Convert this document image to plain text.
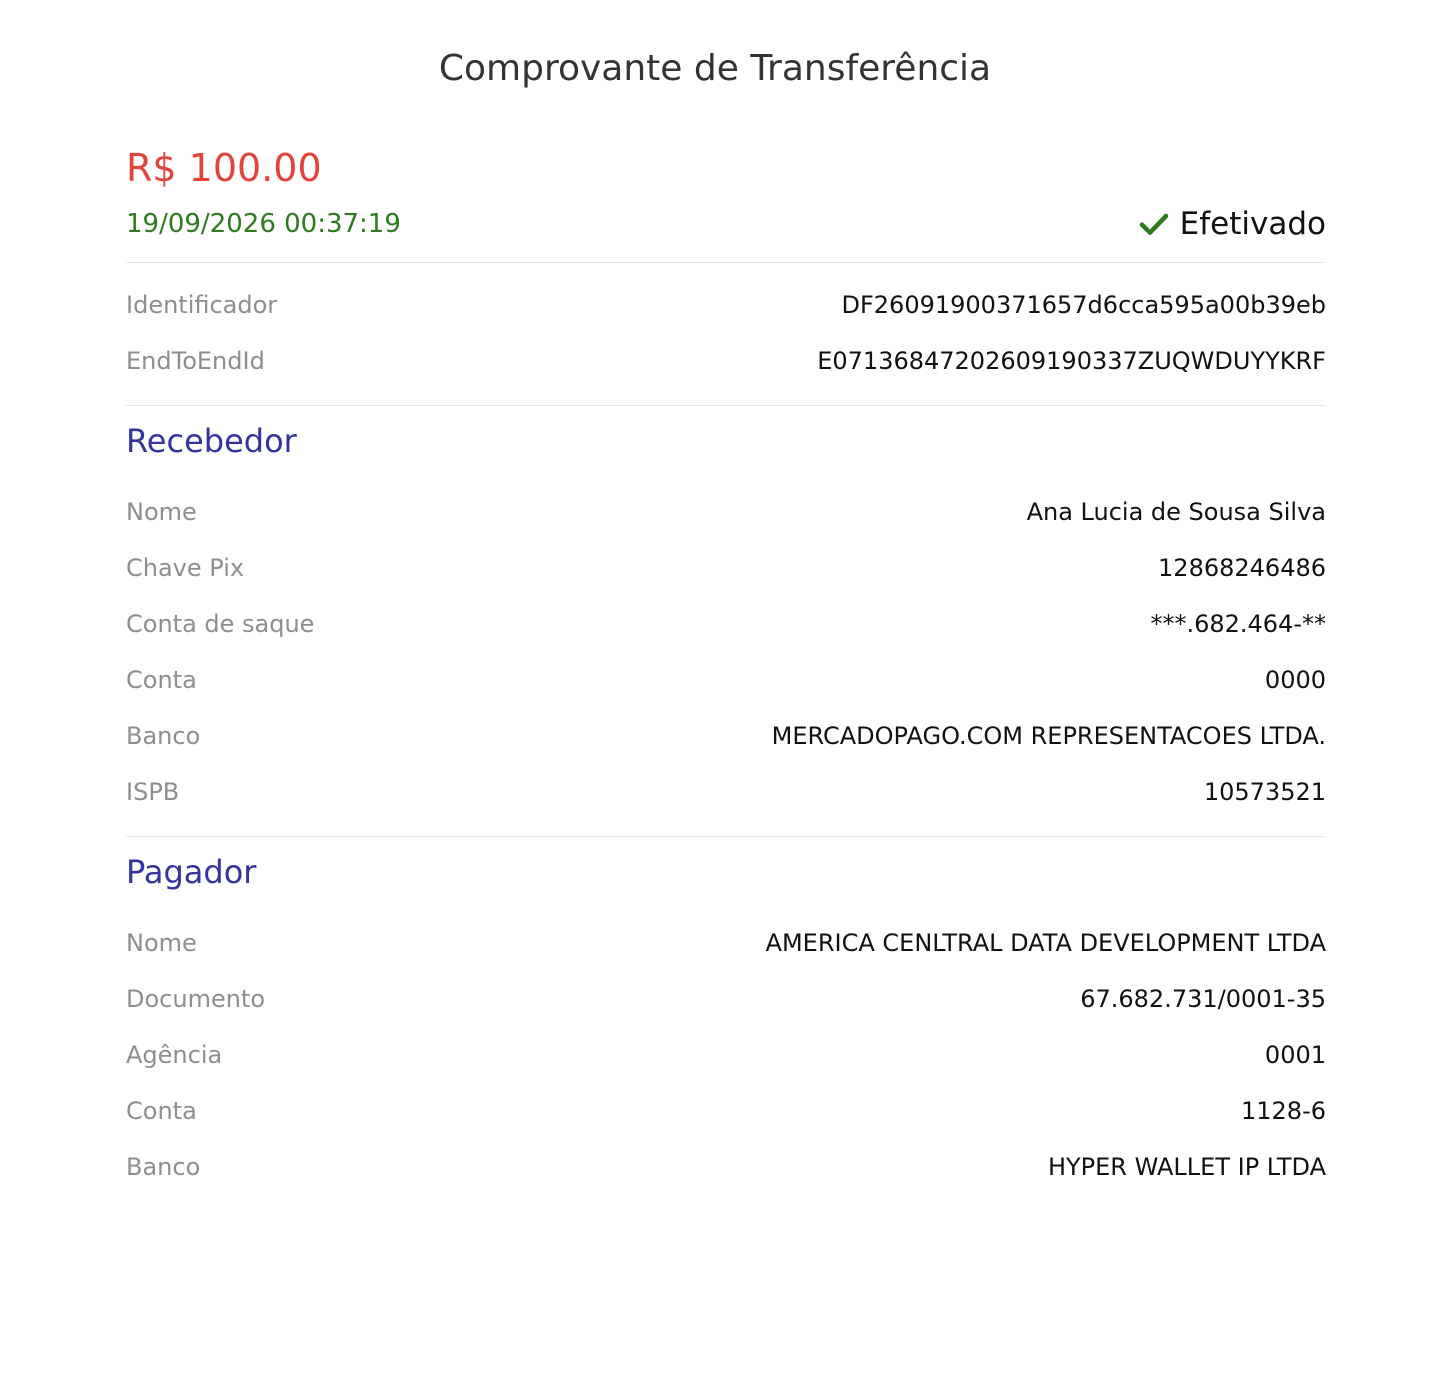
Comprovante de Transferência
R$ 100.00
19/09/2026 00:37:19	Efetivado
Identificador	DF26091900371657d6cca595a00b39eb
EndToEndId	E07136847202609190337ZUQWDUYYKRF
Recebedor
Nome	Ana Lucia de Sousa Silva
Chave Pix	12868246486
Conta de saque	***.682.464-**
Conta	0000
Banco	MERCADOPAGO.COM REPRESENTACOES LTDA.
ISPB	10573521
Pagador
Nome	AMERICA CENLTRAL DATA DEVELOPMENT LTDA
Documento	67.682.731/0001-35
Agência	0001
Conta	1128-6
Banco	HYPER WALLET IP LTDA
